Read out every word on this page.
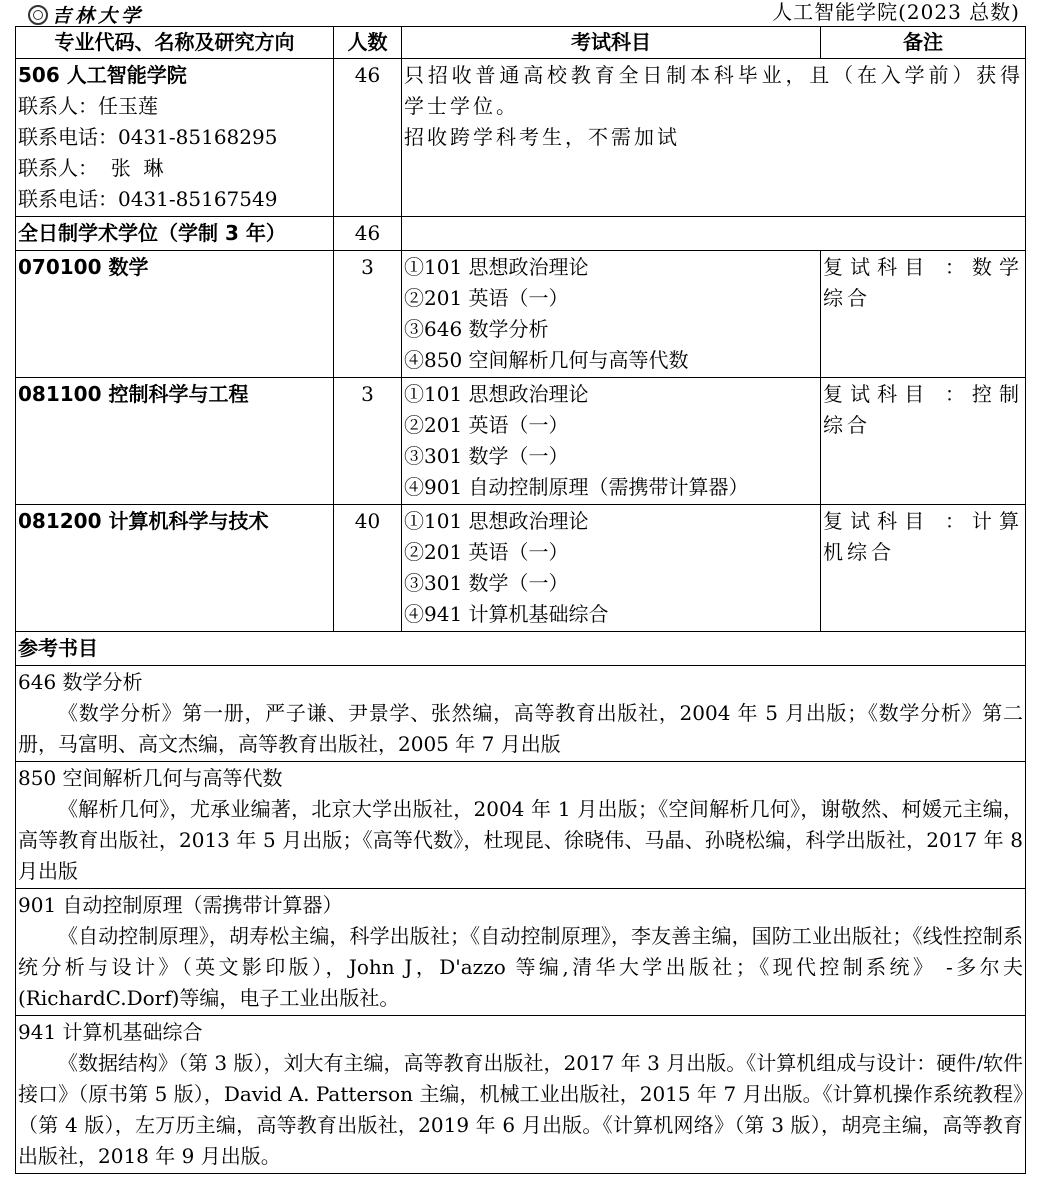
吉林大学	人工智能学院(2023 总数)
专业代码、名称及研究方向	人数	考试科目	备注

506 人工智能学院
联系人：任玉莲
联系电话：0431-85168295
联系人：  张  琳
联系电话：0431-85167549	46	只招收普通高校教育全日制本科毕业，且（在入学前）获得学士学位。
招收跨学科考生，不需加试	

全日制学术学位（学制 3 年）	46		
070100 数学	3	①101 思想政治理论
②201 英语（一）
③646 数学分析
④850 空间解析几何与高等代数	复试科目 ：数学综合
081100 控制科学与工程	3	①101 思想政治理论
②201 英语（一）
③301 数学（一）
④901 自动控制原理（需携带计算器）	复试科目 ：控制综合
081200 计算机科学与技术	40	①101 思想政治理论
②201 英语（一）
③301 数学（一）
④941 计算机基础综合	复试科目 ：计算机综合
参考书目			

646 数学分析
《数学分析》第一册，严子谦、尹景学、张然编，高等教育出版社，2004 年 5 月出版；《数学分析》第二册，马富明、高文杰编，高等教育出版社，2005 年 7 月出版			

850 空间解析几何与高等代数
《解析几何》，尤承业编著，北京大学出版社，2004 年 1 月出版；《空间解析几何》，谢敬然、柯媛元主编，高等教育出版社，2013 年 5 月出版；《高等代数》，杜现昆、徐晓伟、马晶、孙晓松编，科学出版社，2017 年 8 月出版			

901 自动控制原理（需携带计算器）
《自动控制原理》，胡寿松主编，科学出版社；《自动控制原理》，李友善主编，国防工业出版社；《线性控制系统分析与设计》（英文影印版），John J，D'azzo 等编,清华大学出版社；《现代控制系统》 -多尔夫(RichardC.Dorf)等编，电子工业出版社。			

941 计算机基础综合
《数据结构》（第 3 版），刘大有主编，高等教育出版社，2017 年 3 月出版。《计算机组成与设计：硬件/软件接口》（原书第 5 版），David A. Patterson 主编，机械工业出版社，2015 年 7 月出版。《计算机操作系统教程》（第 4 版），左万历主编，高等教育出版社，2019 年 6 月出版。《计算机网络》（第 3 版），胡亮主编，高等教育出版社，2018 年 9 月出版。			
